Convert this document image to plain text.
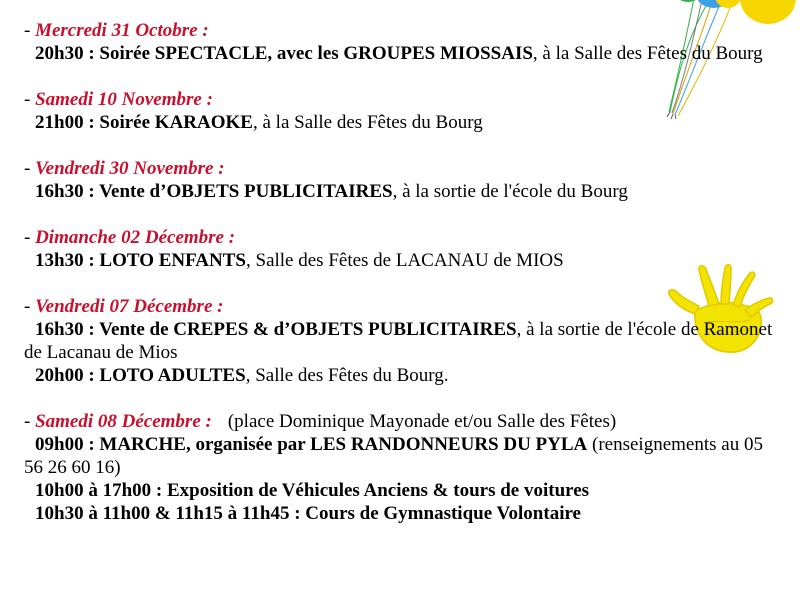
- Mercredi 31 Octobre :
20h30 : Soirée SPECTACLE, avec les GROUPES MIOSSAIS, à la Salle des Fêtes du Bourg
- Samedi 10 Novembre :
21h00 : Soirée KARAOKE, à la Salle des Fêtes du Bourg
- Vendredi 30 Novembre :
16h30 : Vente d’OBJETS PUBLICITAIRES, à la sortie de l'école du Bourg
- Dimanche 02 Décembre :
13h30 : LOTO ENFANTS, Salle des Fêtes de LACANAU de MIOS
- Vendredi 07 Décembre :
16h30 : Vente de CREPES & d’OBJETS PUBLICITAIRES, à la sortie de l'école de Ramonet de Lacanau de Mios
20h00 : LOTO ADULTES, Salle des Fêtes du Bourg.
- Samedi 08 Décembre : (place Dominique Mayonade et/ou Salle des Fêtes)
09h00 : MARCHE, organisée par LES RANDONNEURS DU PYLA (renseignements au 05 56 26 60 16)
10h00 à 17h00 : Exposition de Véhicules Anciens & tours de voitures
10h30 à 11h00 & 11h15 à 11h45 : Cours de Gymnastique Volontaire
